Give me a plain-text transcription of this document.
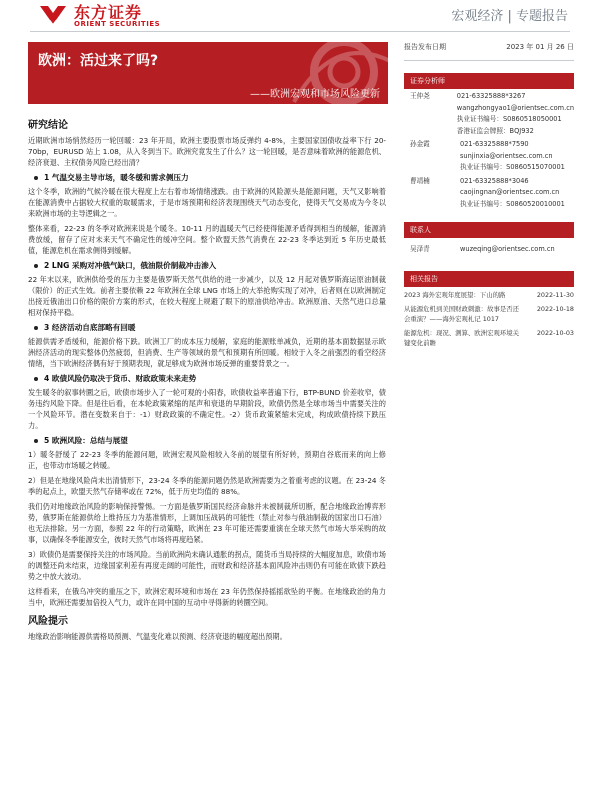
东方证券
ORIENT SECURITIES	宏观经济 | 专题报告
欧洲：活过来了吗?
——欧洲宏观和市场风险更新
研究结论

近期欧洲市场悄然经历一轮回暖：23 年开局，欧洲主要股票市场反弹约 4-8%，主要国家国债收益率下行 20-70bp，EURUSD 站上 1.08，从入冬到当下。欧洲究竟发生了什么？这一轮回暖，是否意味着欧洲的能源危机、经济衰退、主权债务风险已经出清？

1 气温交易主导市场，暖冬缓和需求侧压力

这个冬季，欧洲的气候冷暖在很大程度上左右着市场情绪涨跌。由于欧洲的风险源头是能源问题，天气又影响着在能源消费中占据较大权重的取暖需求，于是市场预期和经济表现围绕天气动态变化，使得天气交易成为今冬以来欧洲市场的主导逻辑之一。

整体来看，22-23 的冬季对欧洲来说是个暖冬。10-11 月的温暖天气已经使得能源矛盾得到相当的缓解，能源消费放缓，留存了应对未来天气不确定性的缓冲空间。整个欧盟天然气消费在 22-23 冬季达到近 5 年历史最低值，能源危机在需求侧得到缓解。

2 LNG 采购对冲俄气缺口，俄油限价制裁冲击渗入

22 年末以来，欧洲供给受的压力主要是俄罗斯天然气供给的进一步减少，以及 12 月起对俄罗斯海运原油制裁（限价）的正式生效。前者主要依赖 22 年欧洲在全球 LNG 市场上的大举抢购实现了对冲，后者则在以欧洲制定出接近俄油出口价格的限价方案的形式，在较大程度上规避了眼下的原油供给冲击。欧洲原油、天然气进口总量相对保持平稳。

3 经济活动自底部略有回暖

能源供需矛盾缓和，能源价格下跌。欧洲工厂的成本压力缓解，家庭的能源账单减负，近期的基本面数据显示欧洲经济活动的现实整体仍然疲弱，但消费、生产等领域的景气和预期有所回暖。相较于入冬之前强烈的看空经济情绪，当下欧洲经济偶有好于预期表现，就足够成为欧洲市场反弹的重要背景之一。

4 欧债风险仍取决于货币、财政政策未来走势

发生暖冬的叙事转圜之后，欧债市场步入了一轮可观的小阳春，欧债收益率普遍下行，BTP-BUND 价差收窄，债务违约风险下降。但是往后看，在本轮政策紧缩的尾声和衰退的早期阶段，欧债仍然是全球市场当中需要关注的一个风险环节。潜在变数来自于：-1）财政政策的不确定性。-2）货币政策紧缩未完成，构成欧债持续下跌压力。

5 欧洲风险：总结与展望

1）暖冬舒缓了 22-23 冬季的能源问题，欧洲宏观风险相较入冬前的展望有所好转，预期自谷底而来的向上修正，也带动市场暖之转暖。

2）但是在地缘风险尚未出清情形下，23-24 冬季的能源问题仍然是欧洲需要为之着重考虑的议题。在 23-24 冬季的起点上，欧盟天然气存储率或在 72%，低于历史均值的 88%。

我们仍对地缘政治风险的影响保持警惕。一方面是俄罗斯国民经济命脉并未被制裁所切断，配合地缘政治博弈形势，俄罗斯在能源供给上维持压力为基准情形，上调加压战码的可能性（禁止对参与俄油制裁的国家出口石油）也无法排除。另一方面，参照 22 年的行动策略，欧洲在 23 年可能还需要重演在全球天然气市场大举采购的故事，以确保冬季能源安全，彼时天然气市场将再度趋紧。

3）欧债仍是需要保持关注的市场风险。当前欧洲尚未确认通胀的拐点，随货币当局持续的大幅度加息，欧债市场的调整还尚未结束，边缘国家利差有再度走阔的可能性，而财政和经济基本面风险冲击则仍有可能在欧债下跌趋势之中放大波动。

这样看来，在俄乌冲突的重压之下，欧洲宏观环境和市场在 23 年仍然保持摇摇欲坠的平衡。在地缘政治的角力当中，欧洲还需要加倍投入气力，或许在同中国的互动中寻得新的转圜空间。

风险提示

地缘政治影响能源供需格局预测、气温变化难以预测、经济衰退的幅度超出预期。

报告发布日期	2023 年 01 月 26 日
证券分析师
王仲尧	021-63325888*3267
wangzhongyao1@orientsec.com.cn
执业证书编号：S0860518050001
香港证监会牌照：BQJ932
孙金霞	021-63325888*7590
sunjinxia@orientsec.com.cn
执业证书编号：S0860515070001
曹靖楠	021-63325888*3046
caojingnan@orientsec.com.cn
执业证书编号：S0860520010001
联系人
吴泽青	wuzeqing@orientsec.com.cn
相关报告
2023 海外宏观年度展望：下山的路	2022-11-30
从能源危机到美国财政刺激：故事是否还会重演？——海外宏观札记 1017
2022-10-18
能源危机：现况、测算、欧洲宏观环境关键变化前瞻
2022-10-03
